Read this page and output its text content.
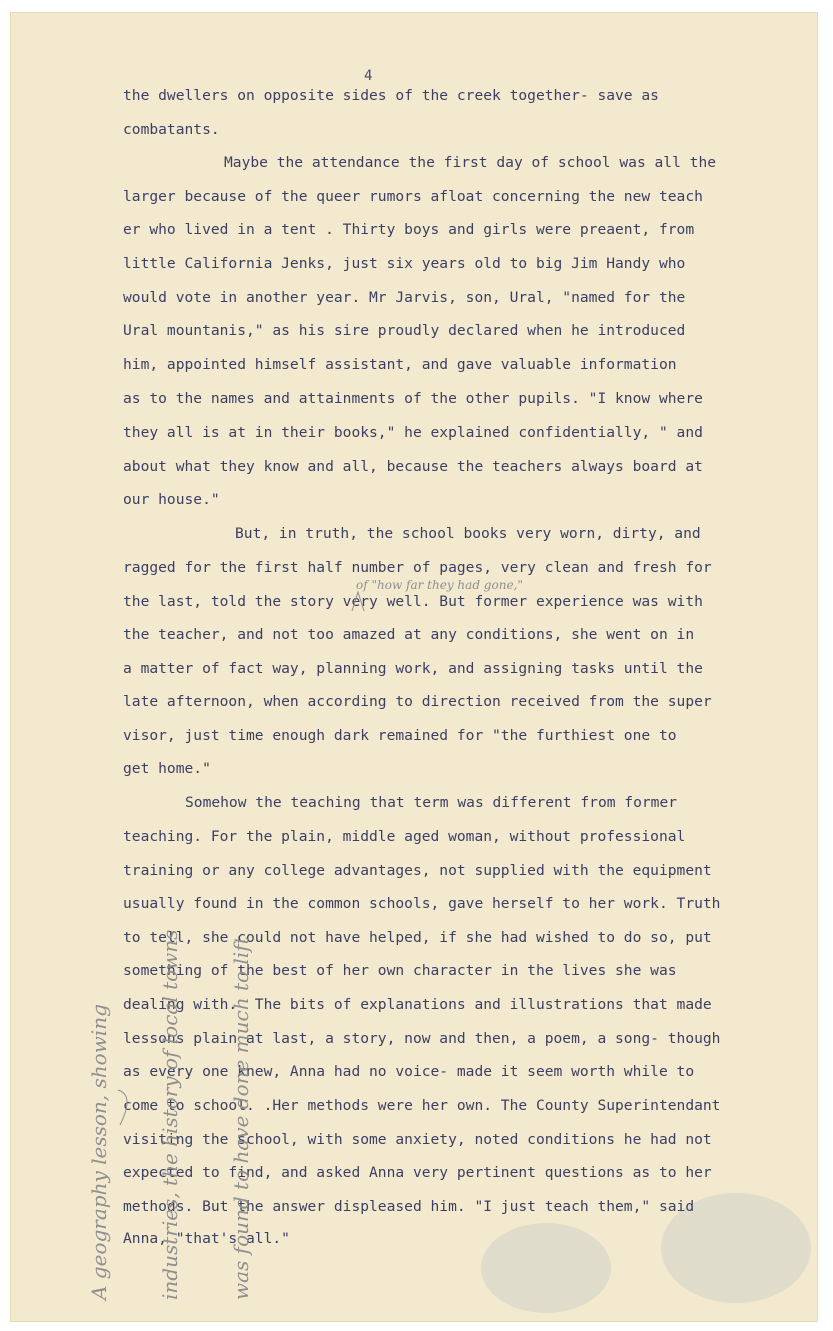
4

the dwellers on opposite sides of the creek together- save as

combatants.

Maybe the attendance the first day of school was all the

larger because of the queer rumors afloat concerning the new teach

er who lived in a tent . Thirty boys and girls were preaent, from

little California Jenks, just six years old to big Jim Handy who

would vote in another year. Mr Jarvis, son, Ural, "named for the

Ural mountanis," as his sire proudly declared when he introduced

him, appointed himself assistant, and gave valuable information

as to the names and attainments of the other pupils. "I know where

they all is at in their books," he explained confidentially, " and

about what they know and all, because the teachers always board at

our house."

But, in truth, the school books very worn, dirty, and

ragged for the first half number of pages, very clean and fresh for

the last, told the story very well. But former experience was with

the teacher, and not too amazed at any conditions, she went on in

a matter of fact way, planning work, and assigning tasks until the

late afternoon, when according to direction received from the super

visor, just time enough dark remained for "the furthiest one to

get home."

Somehow the teaching that term was different from former

teaching. For the plain, middle aged woman, without professional

training or any college advantages, not supplied with the equipment

usually found in the common schools, gave herself to her work. Truth

to tell, she could not have helped, if she had wished to do so, put

something of the best of her own character in the lives she was

dealing with.  The bits of explanations and illustrations that made

lessons plain at last, a story, now and then, a poem, a song- though

as every one knew, Anna had no voice- made it seem worth while to

come to school. .Her methods were her own. The County Superintendant

visiting the school, with some anxiety, noted conditions he had not

expected to find, and asked Anna very pertinent questions as to her

methods. But the answer displeased him. "I just teach them," said

Anna, "that's all."

of "how far they had gone,"

A geography lesson, showing

industries, the history of local towns

was found to have done much to lift
